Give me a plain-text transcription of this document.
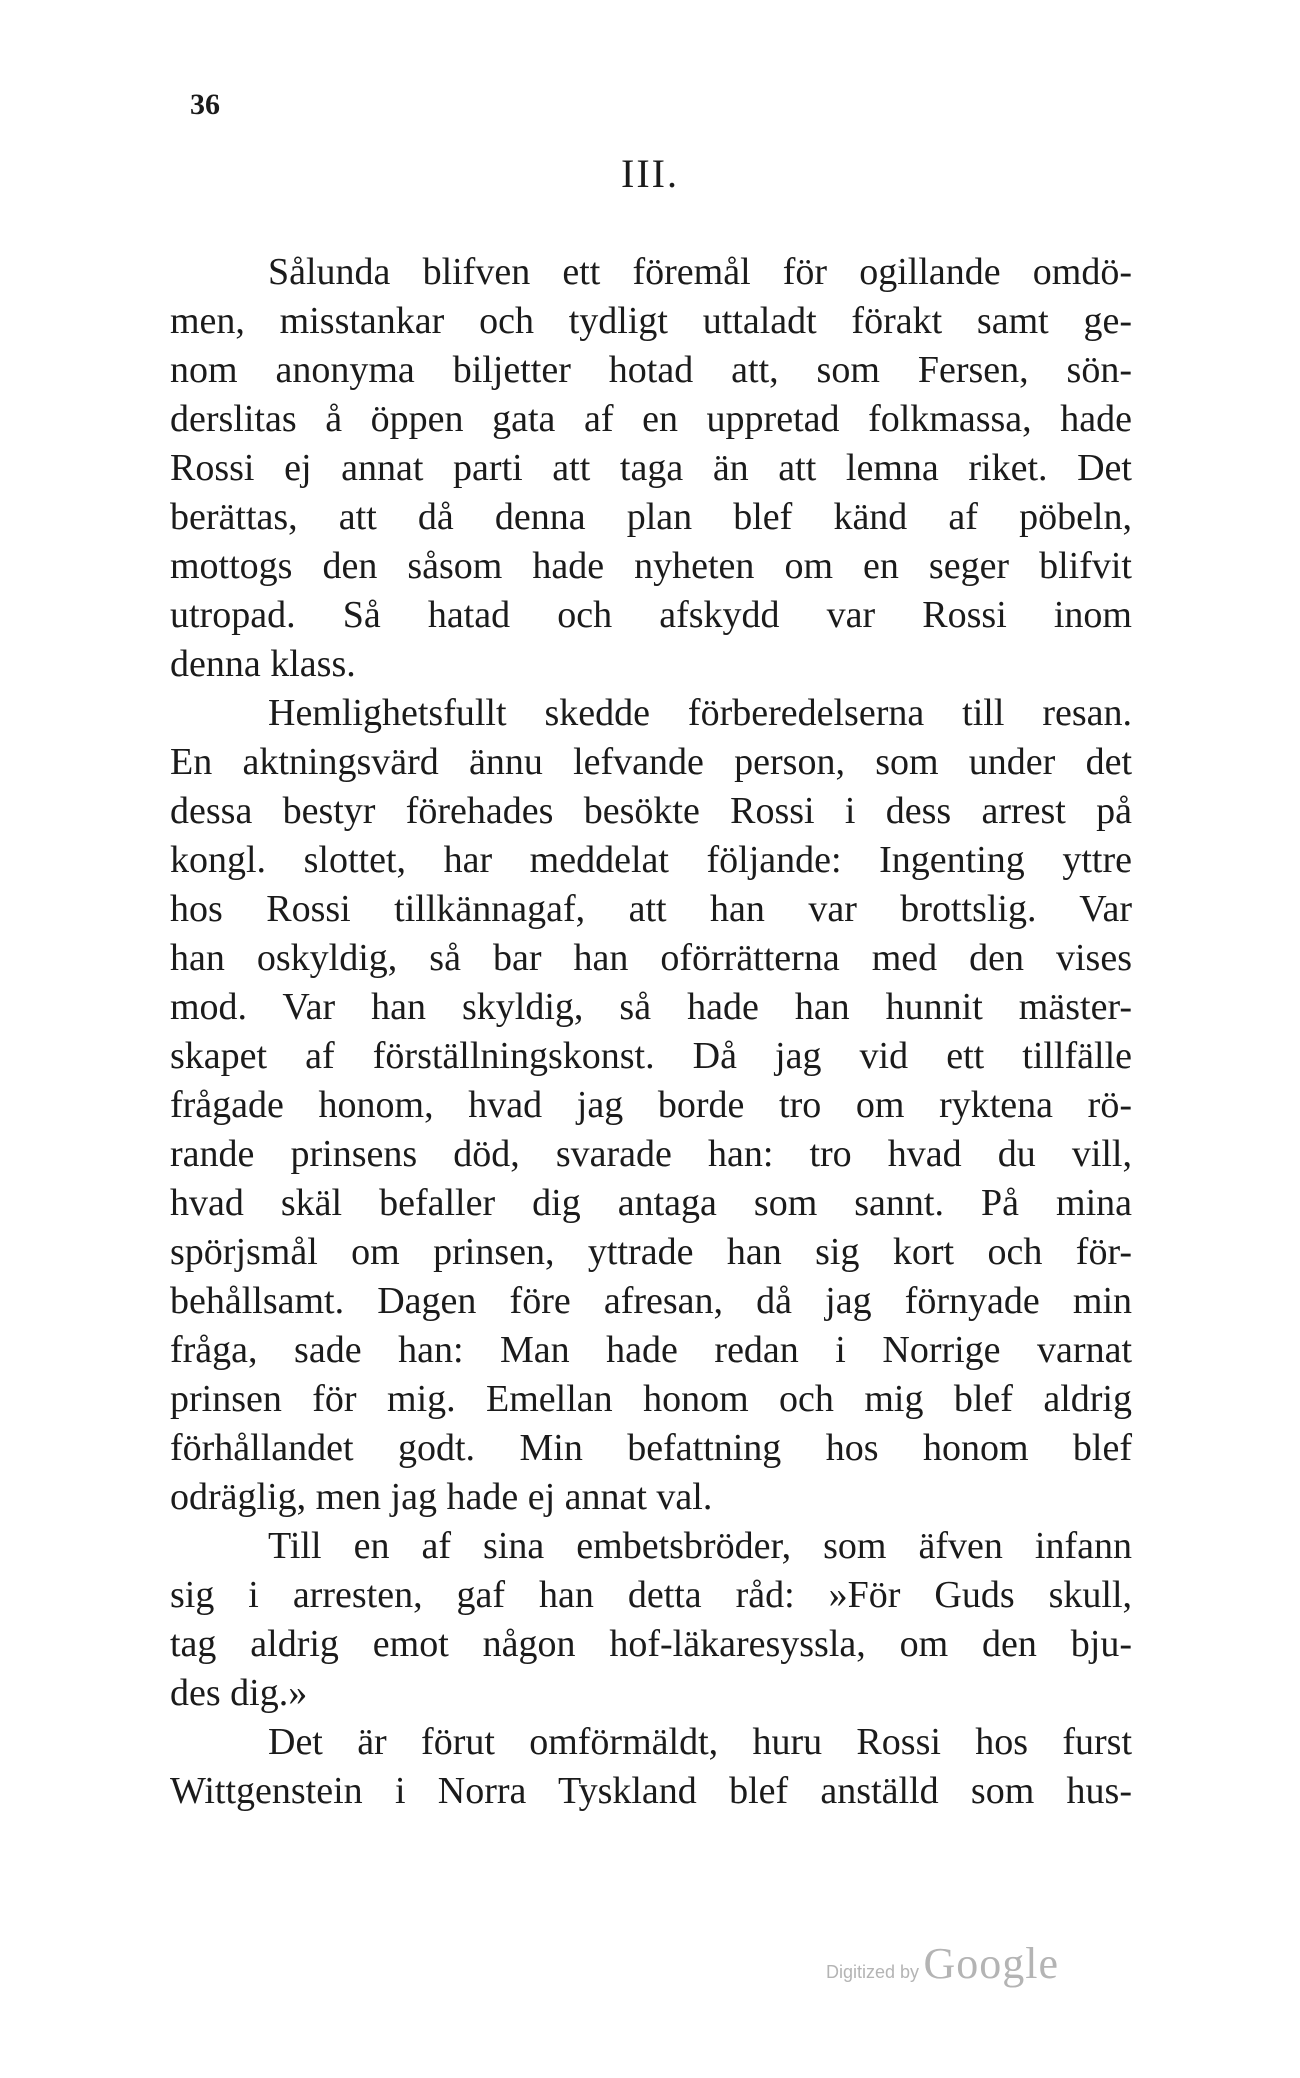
36
III.
Sålunda blifven ett föremål för ogillande omdö-
men, misstankar och tydligt uttaladt förakt samt ge-
nom anonyma biljetter hotad att, som Fersen, sön-
derslitas å öppen gata af en uppretad folkmassa, hade
Rossi ej annat parti att taga än att lemna riket. Det
berättas, att då denna plan blef känd af pöbeln,
mottogs den såsom hade nyheten om en seger blifvit
utropad. Så hatad och afskydd var Rossi inom
denna klass.
Hemlighetsfullt skedde förberedelserna till resan.
En aktningsvärd ännu lefvande person, som under det
dessa bestyr förehades besökte Rossi i dess arrest på
kongl. slottet, har meddelat följande: Ingenting yttre
hos Rossi tillkännagaf, att han var brottslig. Var
han oskyldig, så bar han oförrätterna med den vises
mod. Var han skyldig, så hade han hunnit mäster-
skapet af förställningskonst. Då jag vid ett tillfälle
frågade honom, hvad jag borde tro om ryktena rö-
rande prinsens död, svarade han: tro hvad du vill,
hvad skäl befaller dig antaga som sannt. På mina
spörjsmål om prinsen, yttrade han sig kort och för-
behållsamt. Dagen före afresan, då jag förnyade min
fråga, sade han: Man hade redan i Norrige varnat
prinsen för mig. Emellan honom och mig blef aldrig
förhållandet godt. Min befattning hos honom blef
odräglig, men jag hade ej annat val.
Till en af sina embetsbröder, som äfven infann
sig i arresten, gaf han detta råd: »För Guds skull,
tag aldrig emot någon hof-läkaresyssla, om den bju-
des dig.»
Det är förut omförmäldt, huru Rossi hos furst
Wittgenstein i Norra Tyskland blef anställd som hus-
Digitized by Google
